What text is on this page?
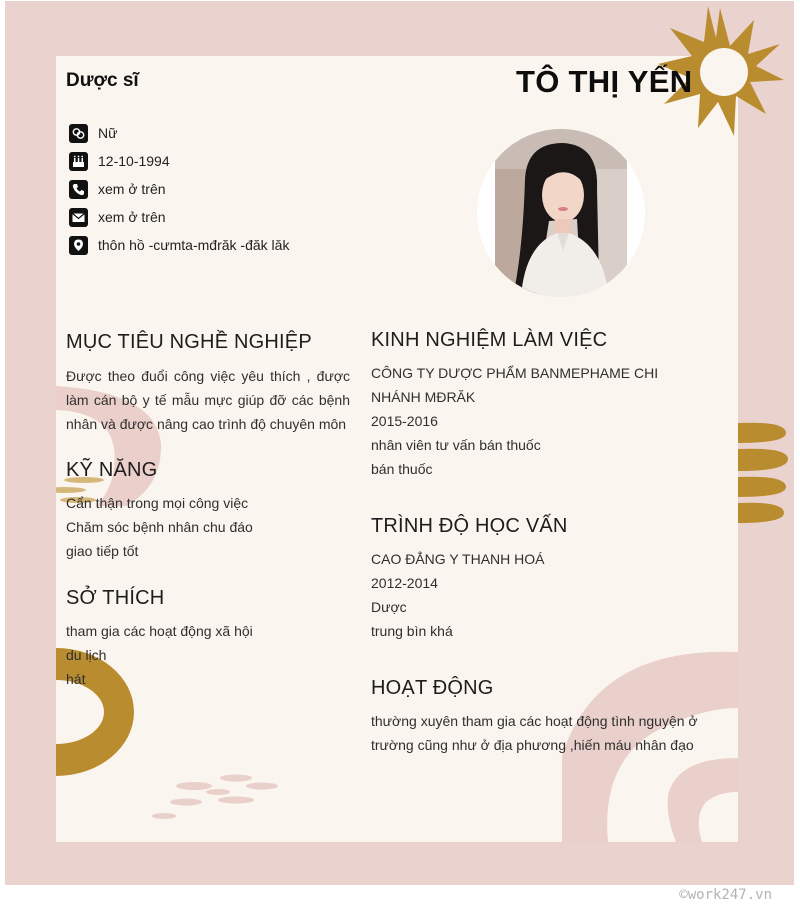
Dược sĩ	TÔ THỊ YẾN
Nữ
12-10-1994
xem ở trên
xem ở trên
thôn hồ -cưmta-mđrăk -đăk lăk
MỤC TIÊU NGHỀ NGHIỆP
Được theo đuổi công việc yêu thích , được làm cán bộ y tế mẫu mực giúp đỡ các bệnh nhân và được nâng cao trình độ chuyên môn
KỸ NĂNG
Cẩn thận trong mọi công việc
Chăm sóc bệnh nhân chu đáo
giao tiếp tốt
SỞ THÍCH
tham gia các hoạt động xã hội
du lịch
hát
KINH NGHIỆM LÀM VIỆC
CÔNG TY DƯỢC PHẨM BANMEPHAME CHI NHÁNH MĐRĂK
2015-2016
nhân viên tư vấn bán thuốc
bán thuốc
TRÌNH ĐỘ HỌC VẤN
CAO ĐẲNG Y THANH HOÁ
2012-2014
Dược
trung bìn khá
HOẠT ĐỘNG
thường xuyên tham gia các hoạt động tình nguyện ở trường cũng như ở địa phương ,hiến máu nhân đạo
©work247.vn
